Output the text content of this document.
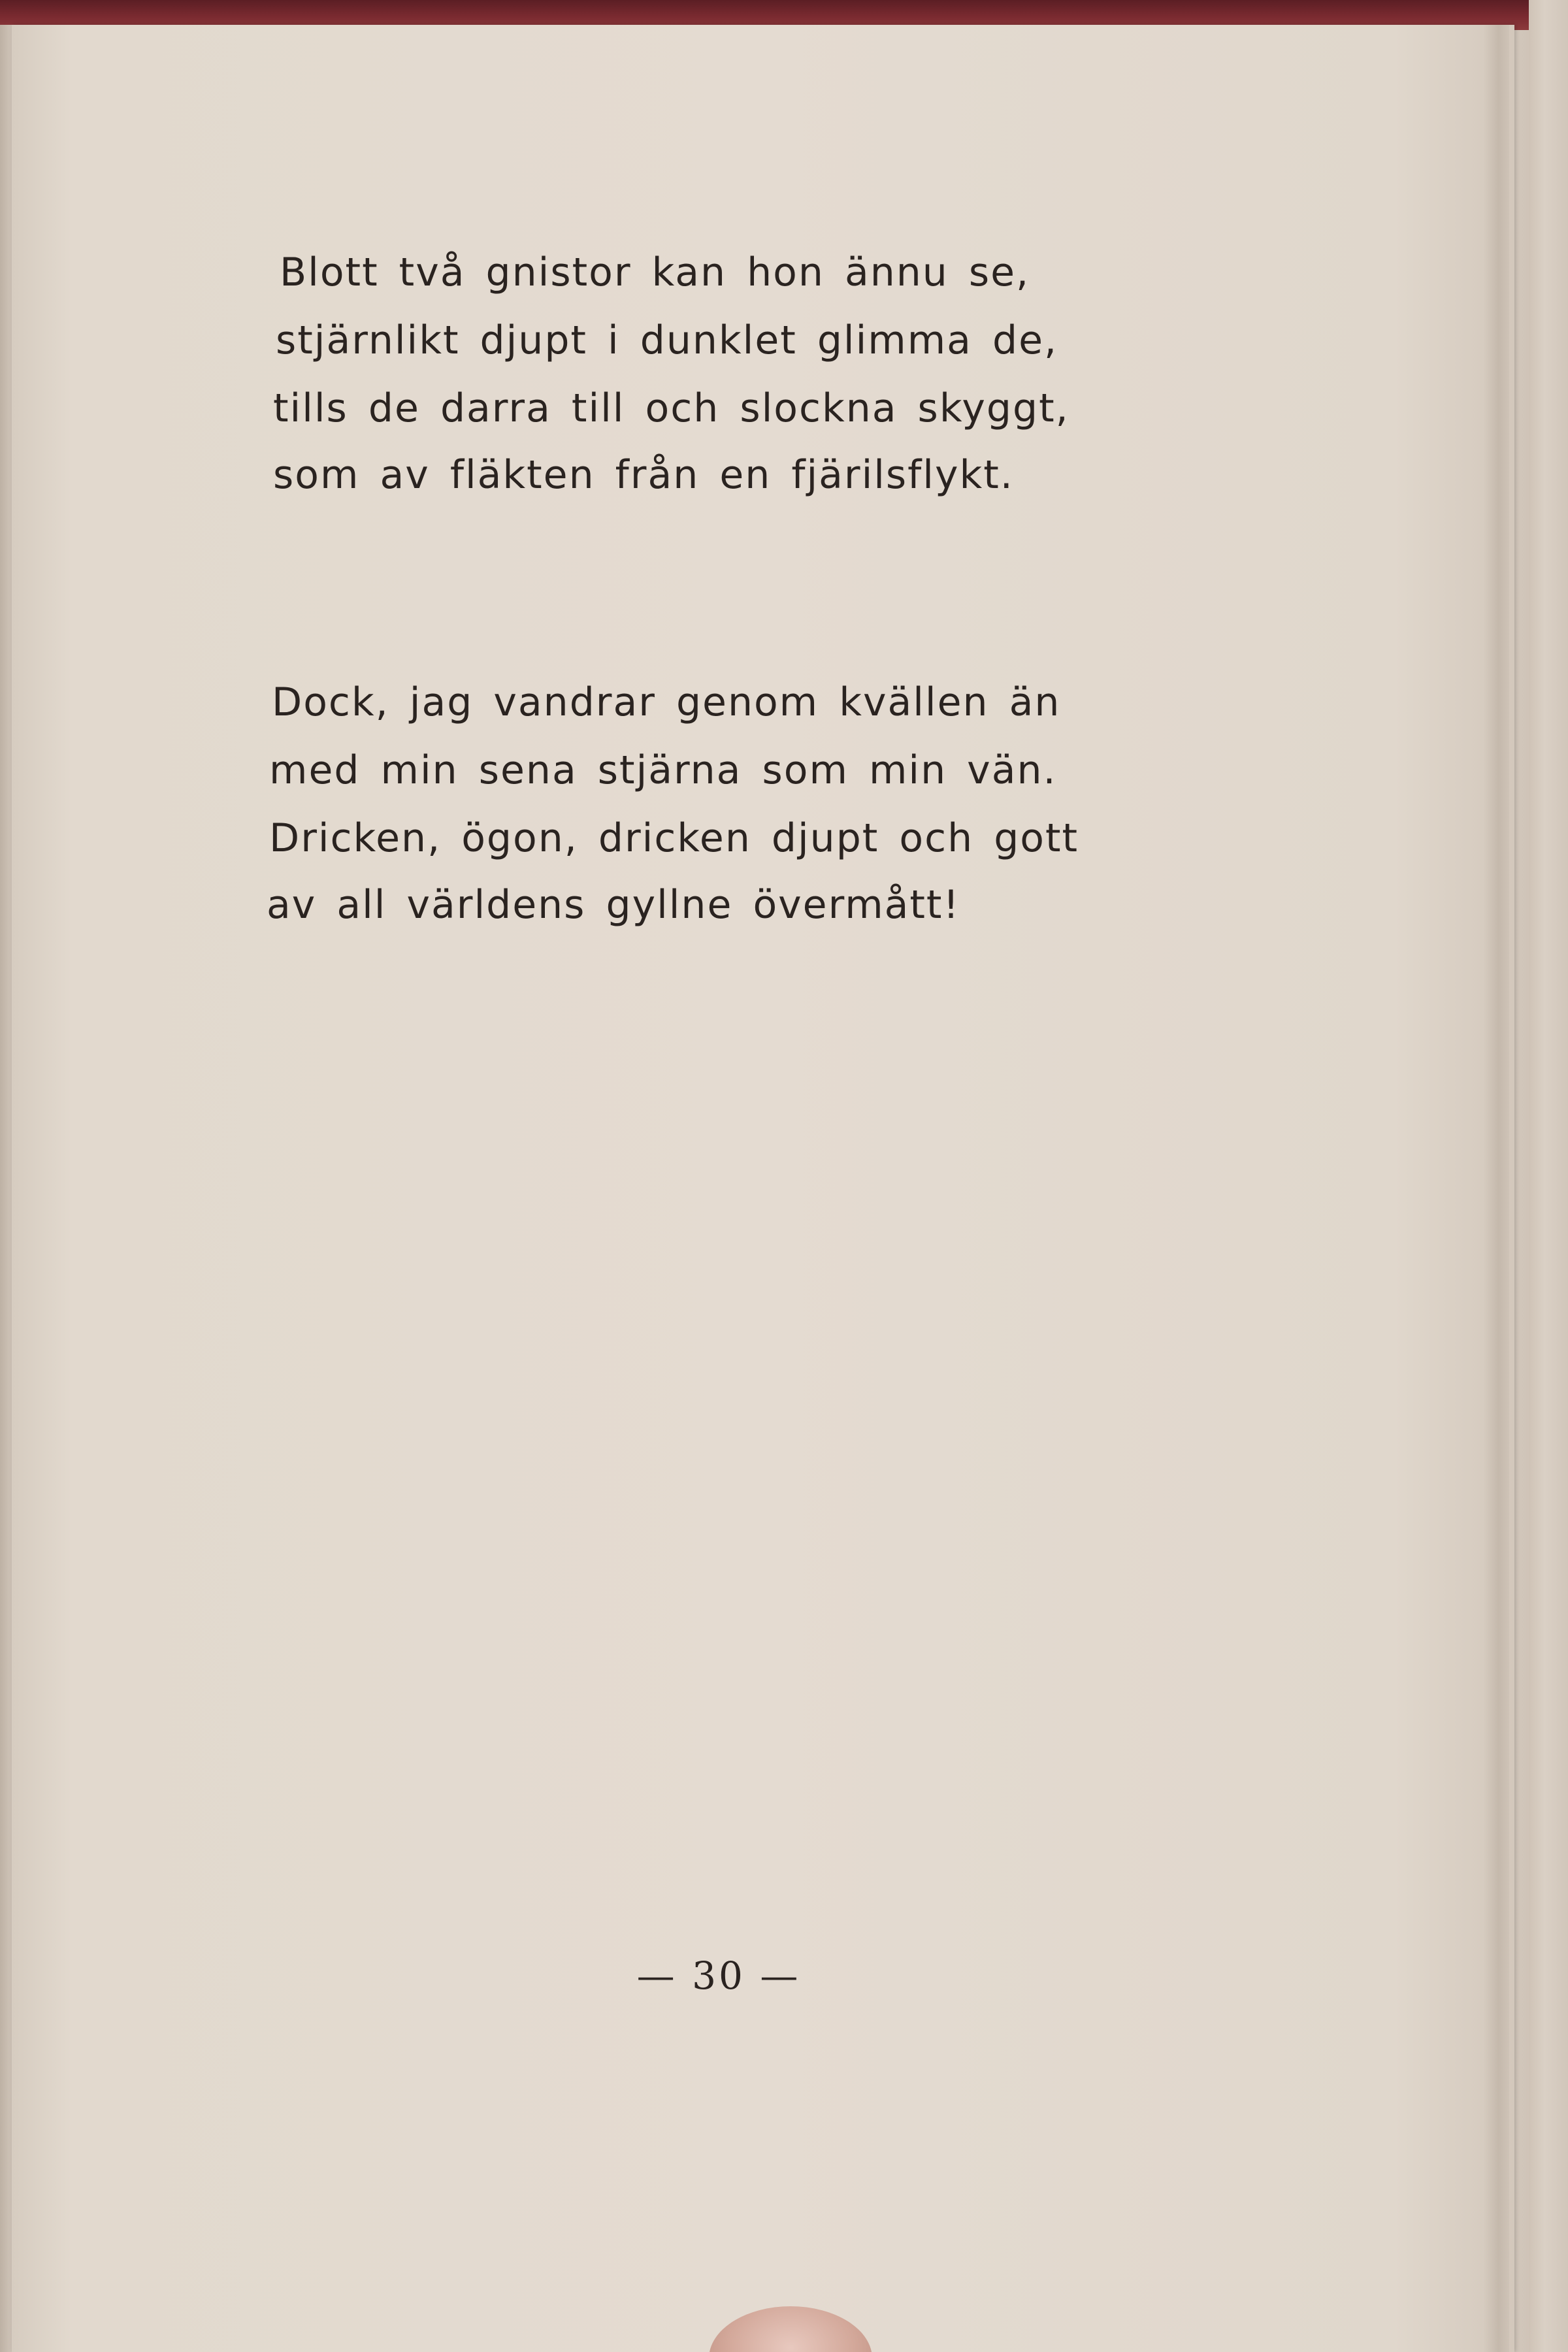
Blott två gnistor kan hon ännu se,
stjärnlikt djupt i dunklet glimma de,
tills de darra till och slockna skyggt,
som av fläkten från en fjärilsflykt.
Dock, jag vandrar genom kvällen än
med min sena stjärna som min vän.
Dricken, ögon, dricken djupt och gott
av all världens gyllne övermått!
— 30 —
